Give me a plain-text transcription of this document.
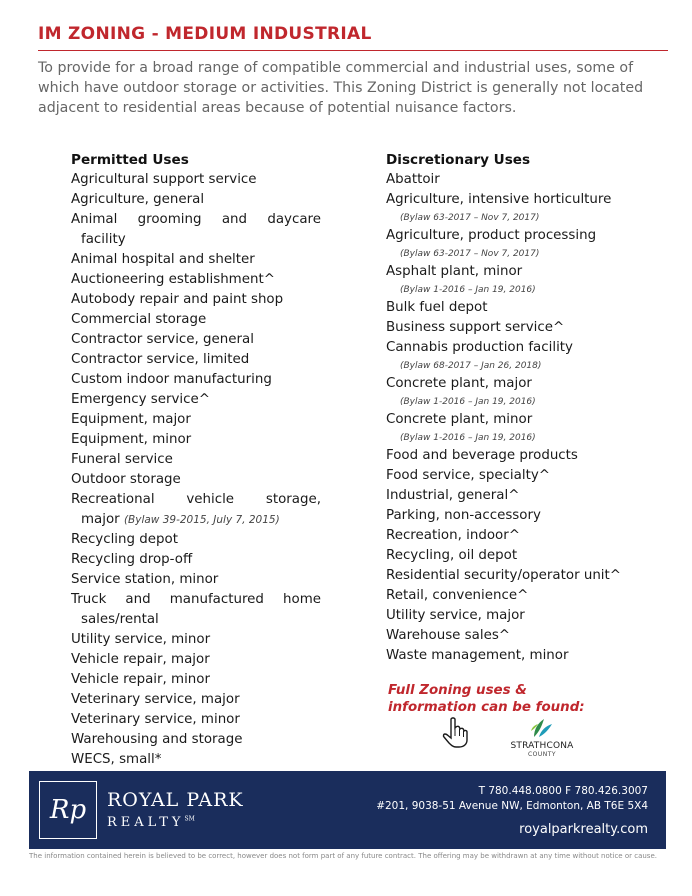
IM ZONING - MEDIUM INDUSTRIAL
To provide for a broad range of compatible commercial and industrial uses, some of which have outdoor storage or activities. This Zoning District is generally not located adjacent to residential areas because of potential nuisance factors.
Permitted Uses
Agricultural support service
Agriculture, general
Animal grooming and daycare
facility
Animal hospital and shelter
Auctioneering establishment^
Autobody repair and paint shop
Commercial storage
Contractor service, general
Contractor service, limited
Custom indoor manufacturing
Emergency service^
Equipment, major
Equipment, minor
Funeral service
Outdoor storage
Recreational vehicle storage,
major (Bylaw 39-2015, July 7, 2015)
Recycling depot
Recycling drop-off
Service station, minor
Truck and manufactured home
sales/rental
Utility service, minor
Vehicle repair, major
Vehicle repair, minor
Veterinary service, major
Veterinary service, minor
Warehousing and storage
WECS, small*
Discretionary Uses
Abattoir
Agriculture, intensive horticulture
(Bylaw 63-2017 – Nov 7, 2017)
Agriculture, product processing
(Bylaw 63-2017 – Nov 7, 2017)
Asphalt plant, minor
(Bylaw 1-2016 – Jan 19, 2016)
Bulk fuel depot
Business support service^
Cannabis production facility
(Bylaw 68-2017 – Jan 26, 2018)
Concrete plant, major
(Bylaw 1-2016 – Jan 19, 2016)
Concrete plant, minor
(Bylaw 1-2016 – Jan 19, 2016)
Food and beverage products
Food service, specialty^
Industrial, general^
Parking, non-accessory
Recreation, indoor^
Recycling, oil depot
Residential security/operator unit^
Retail, convenience^
Utility service, major
Warehouse sales^
Waste management, minor
Full Zoning uses &
information can be found:
STRATHCONA
COUNTY
Rp	ROYAL PARK
REALTY℠
T 780.448.0800 F 780.426.3007
#201, 9038-51 Avenue NW, Edmonton, AB T6E 5X4
royalparkrealty.com
The information contained herein is believed to be correct, however does not form part of any future contract. The offering may be withdrawn at any time without notice or cause.
